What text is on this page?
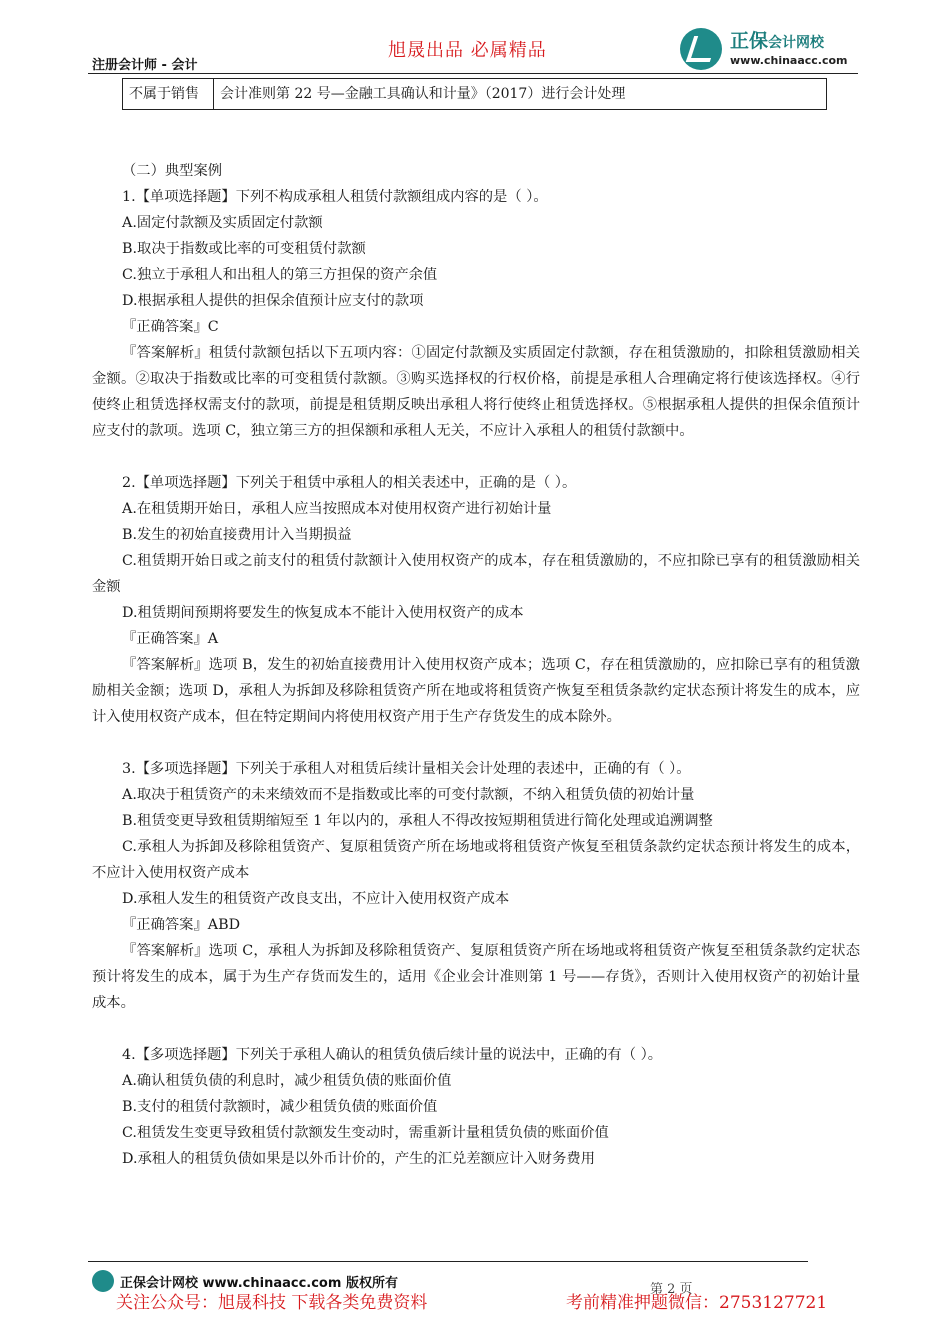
旭晟出品 必属精品
注册会计师 - 会计
正保会计网校
www.chinaacc.com
不属于销售	会计准则第 22 号—金融工具确认和计量》（2017）进行会计处理

（二）典型案例

1.【单项选择题】下列不构成承租人租赁付款额组成内容的是（ ）。

A.固定付款额及实质固定付款额

B.取决于指数或比率的可变租赁付款额

C.独立于承租人和出租人的第三方担保的资产余值

D.根据承租人提供的担保余值预计应支付的款项

『正确答案』C

『答案解析』租赁付款额包括以下五项内容：①固定付款额及实质固定付款额，存在租赁激励的，扣除租赁激励相关金额。②取决于指数或比率的可变租赁付款额。③购买选择权的行权价格，前提是承租人合理确定将行使该选择权。④行使终止租赁选择权需支付的款项，前提是租赁期反映出承租人将行使终止租赁选择权。⑤根据承租人提供的担保余值预计应支付的款项。选项 C，独立第三方的担保额和承租人无关，不应计入承租人的租赁付款额中。

2.【单项选择题】下列关于租赁中承租人的相关表述中，正确的是（ ）。

A.在租赁期开始日，承租人应当按照成本对使用权资产进行初始计量

B.发生的初始直接费用计入当期损益

C.租赁期开始日或之前支付的租赁付款额计入使用权资产的成本，存在租赁激励的，不应扣除已享有的租赁激励相关金额

D.租赁期间预期将要发生的恢复成本不能计入使用权资产的成本

『正确答案』A

『答案解析』选项 B，发生的初始直接费用计入使用权资产成本；选项 C，存在租赁激励的，应扣除已享有的租赁激励相关金额；选项 D，承租人为拆卸及移除租赁资产所在地或将租赁资产恢复至租赁条款约定状态预计将发生的成本，应计入使用权资产成本，但在特定期间内将使用权资产用于生产存货发生的成本除外。

3.【多项选择题】下列关于承租人对租赁后续计量相关会计处理的表述中，正确的有（ ）。

A.取决于租赁资产的未来绩效而不是指数或比率的可变付款额，不纳入租赁负债的初始计量

B.租赁变更导致租赁期缩短至 1 年以内的，承租人不得改按短期租赁进行简化处理或追溯调整

C.承租人为拆卸及移除租赁资产、复原租赁资产所在场地或将租赁资产恢复至租赁条款约定状态预计将发生的成本，不应计入使用权资产成本

D.承租人发生的租赁资产改良支出，不应计入使用权资产成本

『正确答案』ABD

『答案解析』选项 C，承租人为拆卸及移除租赁资产、复原租赁资产所在场地或将租赁资产恢复至租赁条款约定状态预计将发生的成本，属于为生产存货而发生的，适用《企业会计准则第 1 号——存货》，否则计入使用权资产的初始计量成本。

4.【多项选择题】下列关于承租人确认的租赁负债后续计量的说法中，正确的有（ ）。

A.确认租赁负债的利息时，减少租赁负债的账面价值

B.支付的租赁付款额时，减少租赁负债的账面价值

C.租赁发生变更导致租赁付款额发生变动时，需重新计量租赁负债的账面价值

D.承租人的租赁负债如果是以外币计价的，产生的汇兑差额应计入财务费用

正保会计网校 www.chinaacc.com 版权所有	第 2 页
关注公众号：旭晟科技 下载各类免费资料	考前精准押题微信：2753127721
